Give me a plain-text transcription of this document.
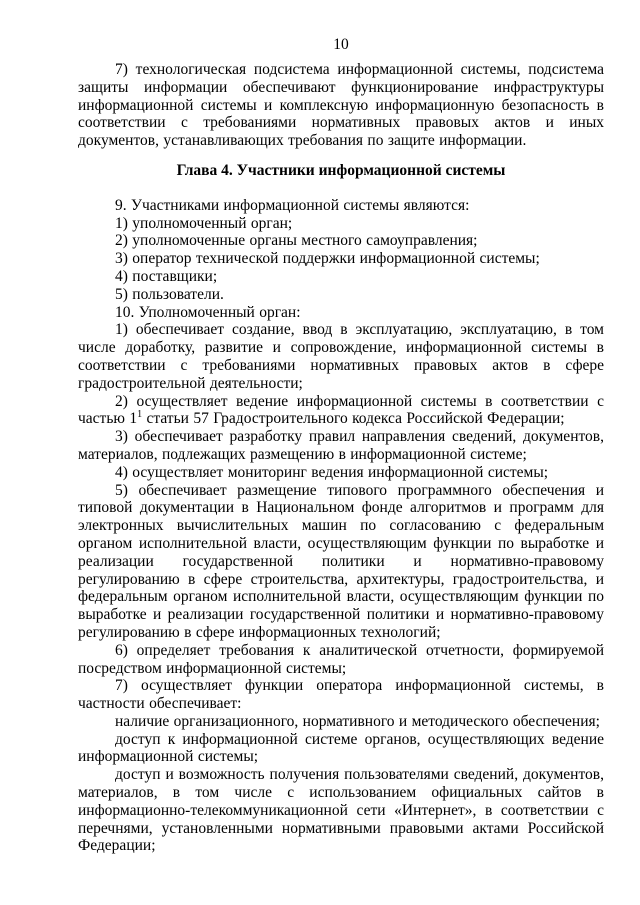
10

7) технологическая подсистема информационной системы, подсистема защиты информации обеспечивают функционирование инфраструктуры информационной системы и комплексную информационную безопасность в соответствии с требованиями нормативных правовых актов и иных документов, устанавливающих требования по защите информации.

Глава 4. Участники информационной системы

9. Участниками информационной системы являются:

1) уполномоченный орган;

2) уполномоченные органы местного самоуправления;

3) оператор технической поддержки информационной системы;

4) поставщики;

5) пользователи.

10. Уполномоченный орган:

1) обеспечивает создание, ввод в эксплуатацию, эксплуатацию, в том числе доработку, развитие и сопровождение, информационной системы в соответствии с требованиями нормативных правовых актов в сфере градостроительной деятельности;

2) осуществляет ведение информационной системы в соответствии с частью 1$^1$ статьи 57 Градостроительного кодекса Российской Федерации;

3) обеспечивает разработку правил направления сведений, документов, материалов, подлежащих размещению в информационной системе;

4) осуществляет мониторинг ведения информационной системы;

5) обеспечивает размещение типового программного обеспечения и типовой документации в Национальном фонде алгоритмов и программ для электронных вычислительных машин по согласованию с федеральным органом исполнительной власти, осуществляющим функции по выработке и реализации государственной политики и нормативно-правовому регулированию в сфере строительства, архитектуры, градостроительства, и федеральным органом исполнительной власти, осуществляющим функции по выработке и реализации государственной политики и нормативно-правовому регулированию в сфере информационных технологий;

6) определяет требования к аналитической отчетности, формируемой посредством информационной системы;

7) осуществляет функции оператора информационной системы, в частности обеспечивает:

наличие организационного, нормативного и методического обеспечения;

доступ к информационной системе органов, осуществляющих ведение информационной системы;

доступ и возможность получения пользователями сведений, документов, материалов, в том числе с использованием официальных сайтов в информационно-телекоммуникационной сети «Интернет», в соответствии с перечнями, установленными нормативными правовыми актами Российской Федерации;
